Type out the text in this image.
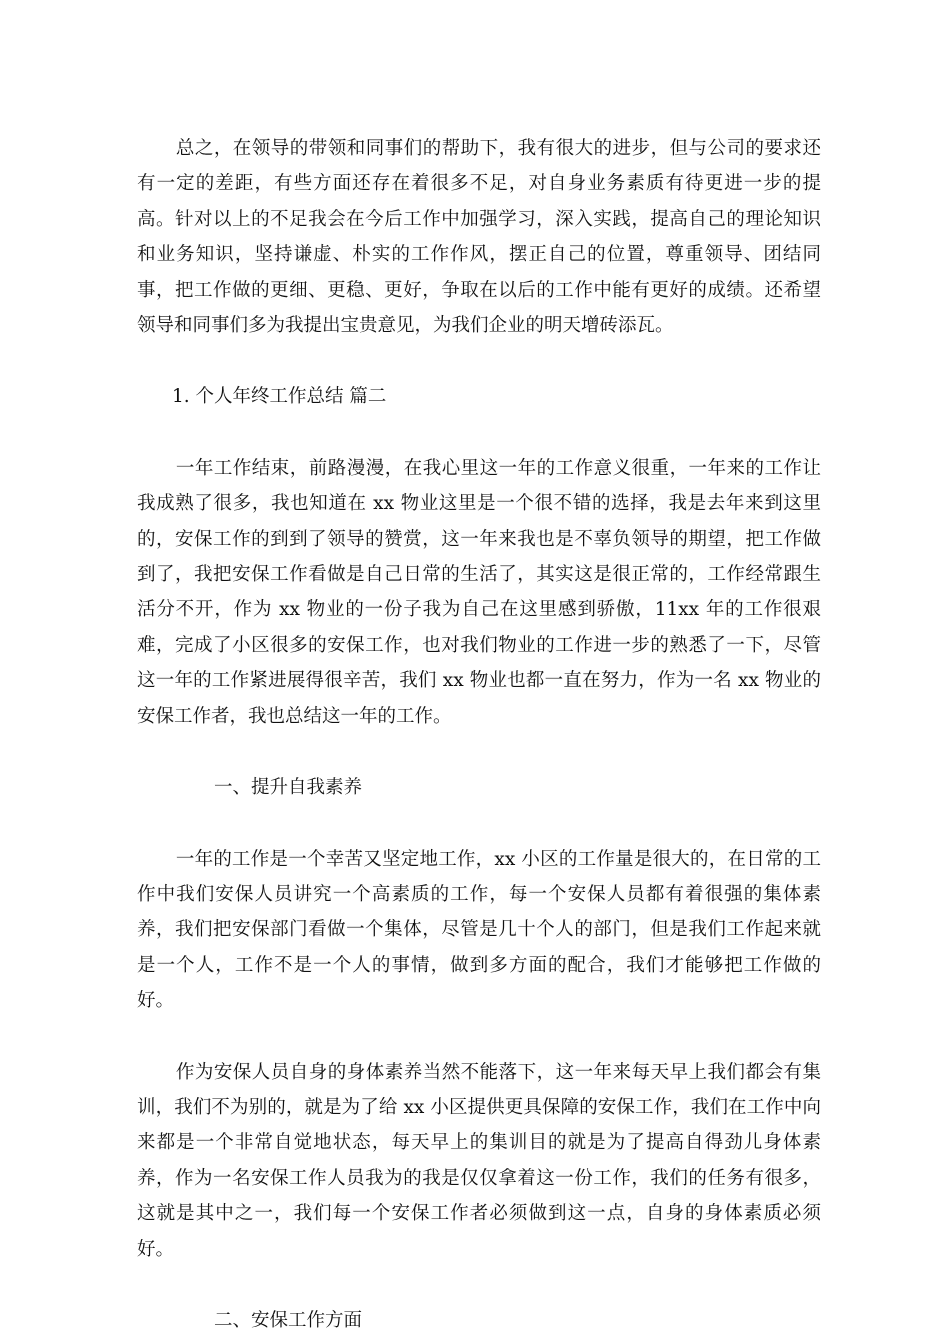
总之，在领导的带领和同事们的帮助下，我有很大的进步，但与公司的要求还有一定的差距，有些方面还存在着很多不足，对自身业务素质有待更进一步的提高。针对以上的不足我会在今后工作中加强学习，深入实践，提高自己的理论知识和业务知识，坚持谦虚、朴实的工作作风，摆正自己的位置，尊重领导、团结同事，把工作做的更细、更稳、更好，争取在以后的工作中能有更好的成绩。还希望领导和同事们多为我提出宝贵意见，为我们企业的明天增砖添瓦。

1. 个人年终工作总结 篇二

一年工作结束，前路漫漫，在我心里这一年的工作意义很重，一年来的工作让我成熟了很多，我也知道在 xx 物业这里是一个很不错的选择，我是去年来到这里的，安保工作的到到了领导的赞赏，这一年来我也是不辜负领导的期望，把工作做到了，我把安保工作看做是自己日常的生活了，其实这是很正常的，工作经常跟生活分不开，作为 xx 物业的一份子我为自己在这里感到骄傲，11xx 年的工作很艰难，完成了小区很多的安保工作，也对我们物业的工作进一步的熟悉了一下，尽管这一年的工作紧进展得很辛苦，我们 xx 物业也都一直在努力，作为一名 xx 物业的安保工作者，我也总结这一年的工作。

一、提升自我素养

一年的工作是一个幸苦又坚定地工作，xx 小区的工作量是很大的，在日常的工作中我们安保人员讲究一个高素质的工作，每一个安保人员都有着很强的集体素养，我们把安保部门看做一个集体，尽管是几十个人的部门，但是我们工作起来就是一个人，工作不是一个人的事情，做到多方面的配合，我们才能够把工作做的好。

作为安保人员自身的身体素养当然不能落下，这一年来每天早上我们都会有集训，我们不为别的，就是为了给 xx 小区提供更具保障的安保工作，我们在工作中向来都是一个非常自觉地状态，每天早上的集训目的就是为了提高自得劲儿身体素养，作为一名安保工作人员我为的我是仅仅拿着这一份工作，我们的任务有很多，这就是其中之一，我们每一个安保工作者必须做到这一点，自身的身体素质必须好。

二、安保工作方面
